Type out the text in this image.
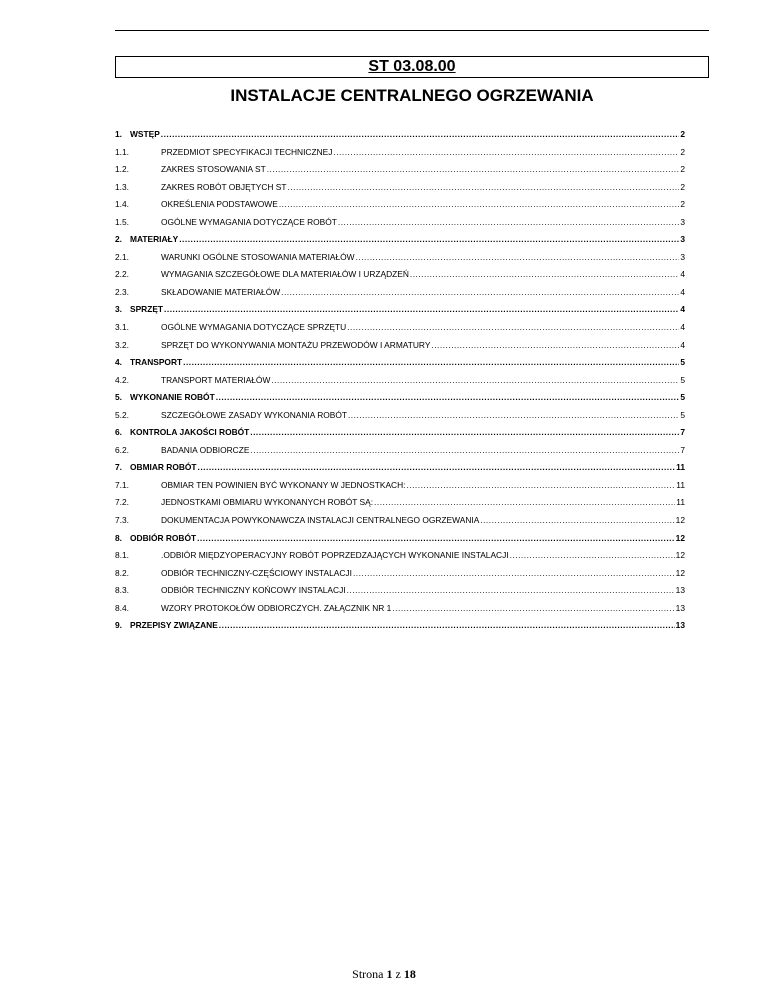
ST 03.08.00
INSTALACJE CENTRALNEGO OGRZEWANIA
1. WSTĘP .....	2
1.1.	PRZEDMIOT SPECYFIKACJI TECHNICZNEJ .....	2
1.2.	ZAKRES STOSOWANIA ST .....	2
1.3.	ZAKRES ROBÓT OBJĘTYCH ST .....	2
1.4.	OKREŚLENIA PODSTAWOWE .....	2
1.5.	OGÓLNE WYMAGANIA DOTYCZĄCE ROBÓT .....	3
2. MATERIAŁY .....	3
2.1.	WARUNKI OGÓLNE STOSOWANIA MATERIAŁÓW .....	3
2.2.	WYMAGANIA SZCZEGÓŁOWE DLA MATERIAŁÓW I URZĄDZEŃ .....	4
2.3.	SKŁADOWANIE MATERIAŁÓW .....	4
3. SPRZĘT .....	4
3.1.	OGÓLNE WYMAGANIA DOTYCZĄCE SPRZĘTU .....	4
3.2.	SPRZĘT DO WYKONYWANIA MONTAŻU PRZEWODÓW I ARMATURY .....	4
4. TRANSPORT .....	5
4.2.	TRANSPORT MATERIAŁÓW .....	5
5. WYKONANIE ROBÓT .....	5
5.2.	SZCZEGÓŁOWE ZASADY WYKONANIA ROBÓT .....	5
6. KONTROLA JAKOŚCI ROBÓT .....	7
6.2.	BADANIA ODBIORCZE .....	7
7. OBMIAR ROBÓT .....	11
7.1.	OBMIAR TEN POWINIEN BYĆ WYKONANY W JEDNOSTKACH: .....	11
7.2.	JEDNOSTKAMI OBMIARU WYKONANYCH ROBÓT SĄ: .....	11
7.3.	DOKUMENTACJA POWYKONAWCZA INSTALACJI CENTRALNEGO OGRZEWANIA .....	12
8. ODBIÓR ROBÓT .....	12
8.1.	.ODBIÓR MIĘDZYOPERACYJNY ROBÓT POPRZEDZAJĄCYCH WYKONANIE INSTALACJI .....	12
8.2.	ODBIÓR TECHNICZNY-CZĘŚCIOWY INSTALACJI .....	12
8.3.	ODBIÓR TECHNICZNY KOŃCOWY INSTALACJI .....	13
8.4.	WZORY PROTOKOŁÓW ODBIORCZYCH. ZAŁĄCZNIK NR 1 .....	13
9. PRZEPISY ZWIĄZANE .....	13
Strona 1 z 18
